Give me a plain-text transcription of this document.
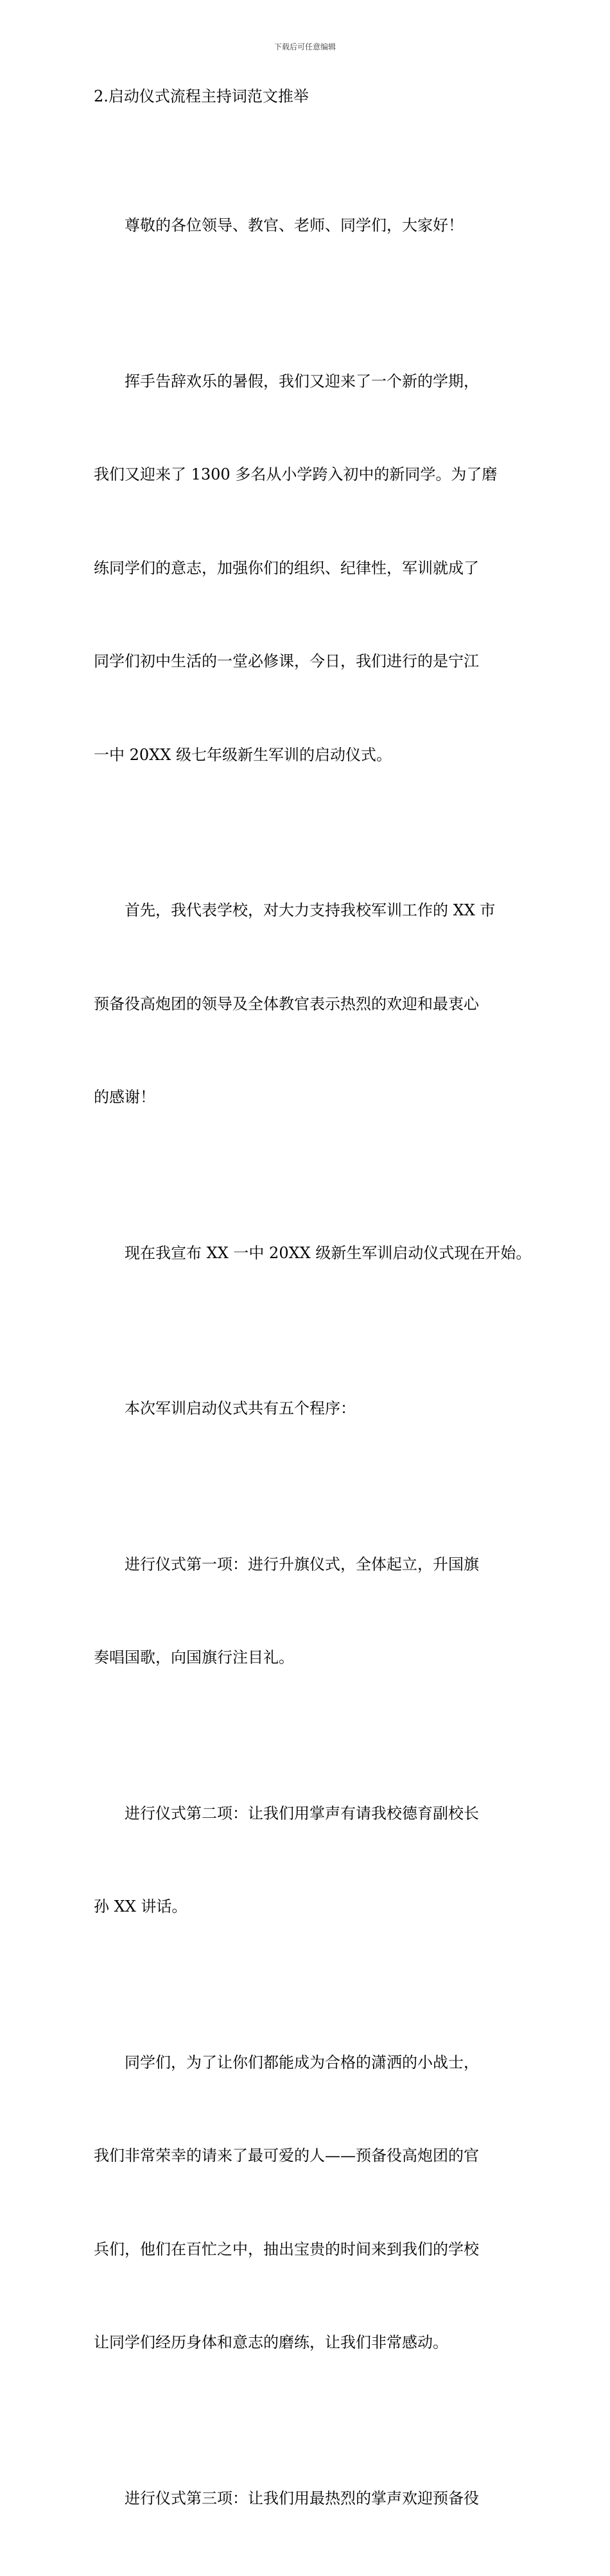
下载后可任意编辑
2.启动仪式流程主持词范文推举

尊敬的各位领导、教官、老师、同学们，大家好！

挥手告辞欢乐的暑假，我们又迎来了一个新的学期，

我们又迎来了 1300 多名从小学跨入初中的新同学。为了磨

练同学们的意志，加强你们的组织、纪律性，军训就成了

同学们初中生活的一堂必修课，今日，我们进行的是宁江

一中 20XX 级七年级新生军训的启动仪式。

首先，我代表学校，对大力支持我校军训工作的 XX 市

预备役高炮团的领导及全体教官表示热烈的欢迎和最衷心

的感谢！

现在我宣布 XX 一中 20XX 级新生军训启动仪式现在开始。

本次军训启动仪式共有五个程序：

进行仪式第一项：进行升旗仪式，全体起立，升国旗

奏唱国歌，向国旗行注目礼。

进行仪式第二项：让我们用掌声有请我校德育副校长

孙 XX 讲话。

同学们，为了让你们都能成为合格的潇洒的小战士，

我们非常荣幸的请来了最可爱的人——预备役高炮团的官

兵们，他们在百忙之中，抽出宝贵的时间来到我们的学校

让同学们经历身体和意志的磨练，让我们非常感动。

进行仪式第三项：让我们用最热烈的掌声欢迎预备役
